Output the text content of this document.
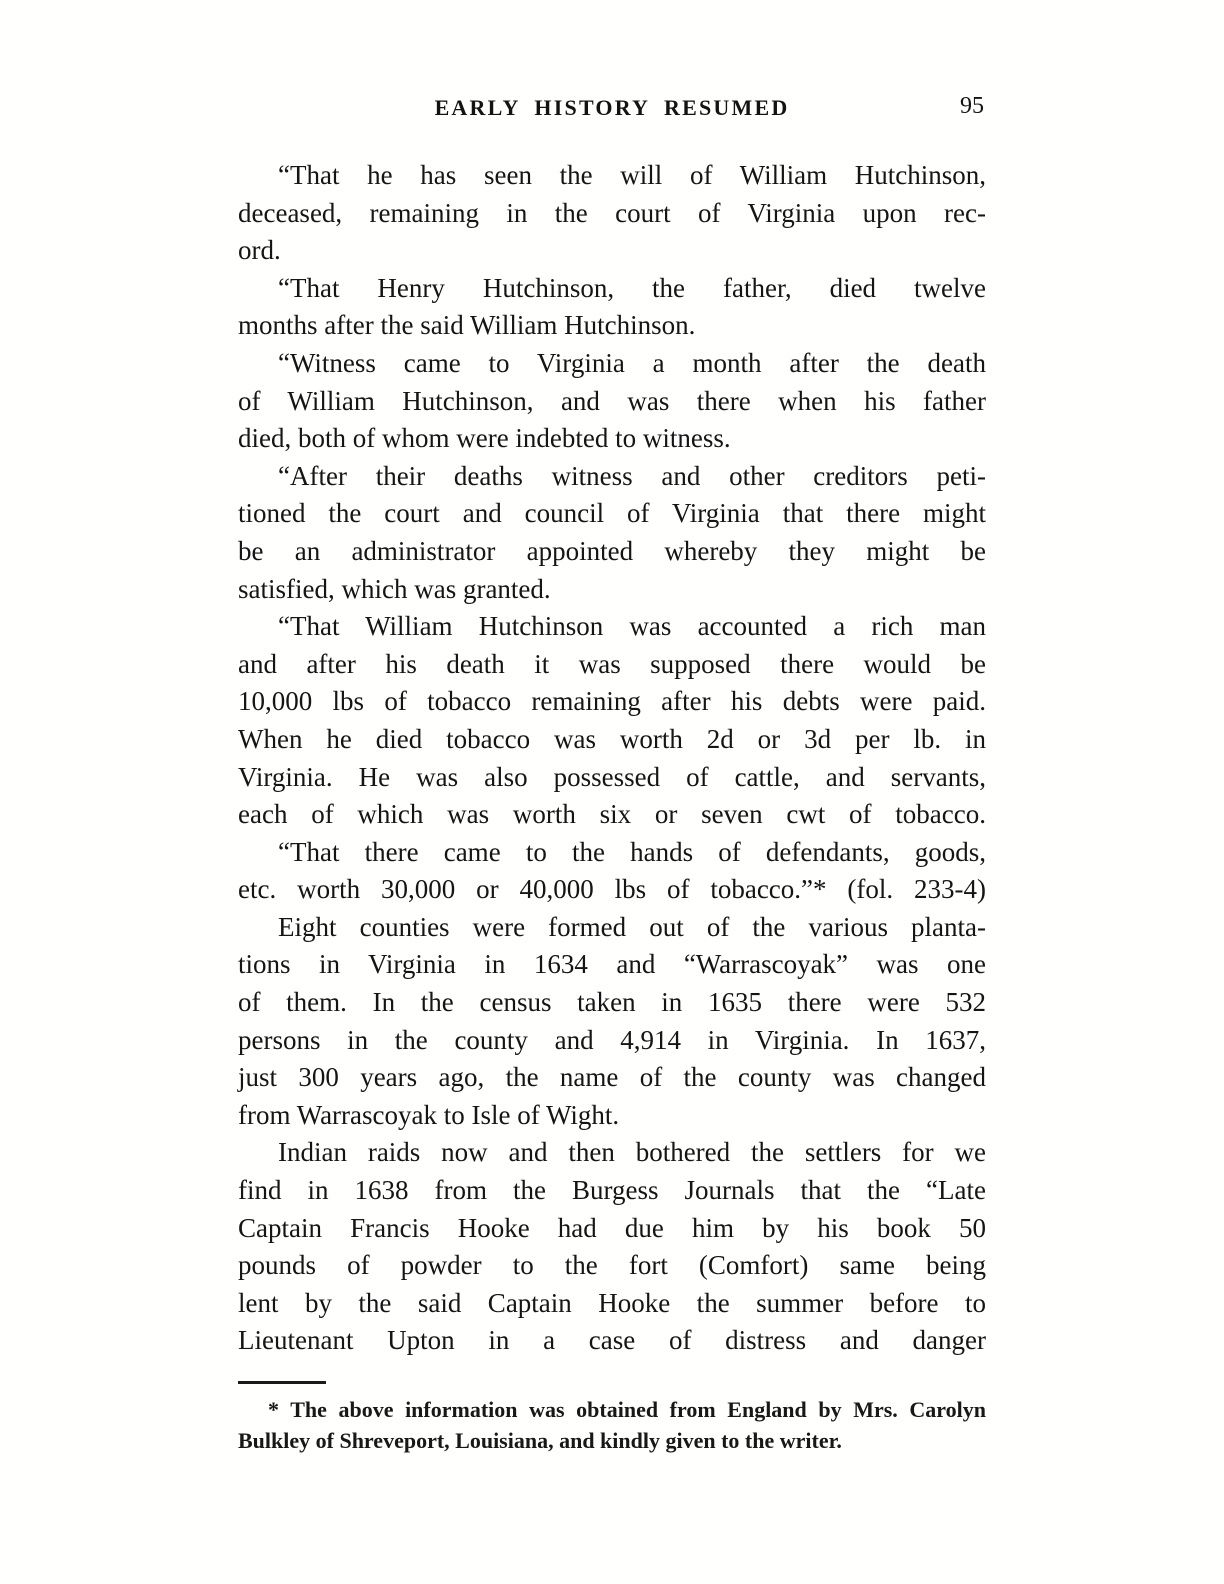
EARLY HISTORY RESUMED	95
“That he has seen the will of William Hutchinson,
deceased, remaining in the court of Virginia upon rec-
ord.
“That Henry Hutchinson, the father, died twelve
months after the said William Hutchinson.
“Witness came to Virginia a month after the death
of William Hutchinson, and was there when his father
died, both of whom were indebted to witness.
“After their deaths witness and other creditors peti-
tioned the court and council of Virginia that there might
be an administrator appointed whereby they might be
satisfied, which was granted.
“That William Hutchinson was accounted a rich man
and after his death it was supposed there would be
10,000 lbs of tobacco remaining after his debts were paid.
When he died tobacco was worth 2d or 3d per lb. in
Virginia. He was also possessed of cattle, and servants,
each of which was worth six or seven cwt of tobacco.
“That there came to the hands of defendants, goods,
etc. worth 30,000 or 40,000 lbs of tobacco.”* (fol. 233-4)
Eight counties were formed out of the various planta-
tions in Virginia in 1634 and “Warrascoyak” was one
of them. In the census taken in 1635 there were 532
persons in the county and 4,914 in Virginia. In 1637,
just 300 years ago, the name of the county was changed
from Warrascoyak to Isle of Wight.
Indian raids now and then bothered the settlers for we
find in 1638 from the Burgess Journals that the “Late
Captain Francis Hooke had due him by his book 50
pounds of powder to the fort (Comfort) same being
lent by the said Captain Hooke the summer before to
Lieutenant Upton in a case of distress and danger
* The above information was obtained from England by Mrs. Carolyn
Bulkley of Shreveport, Louisiana, and kindly given to the writer.
